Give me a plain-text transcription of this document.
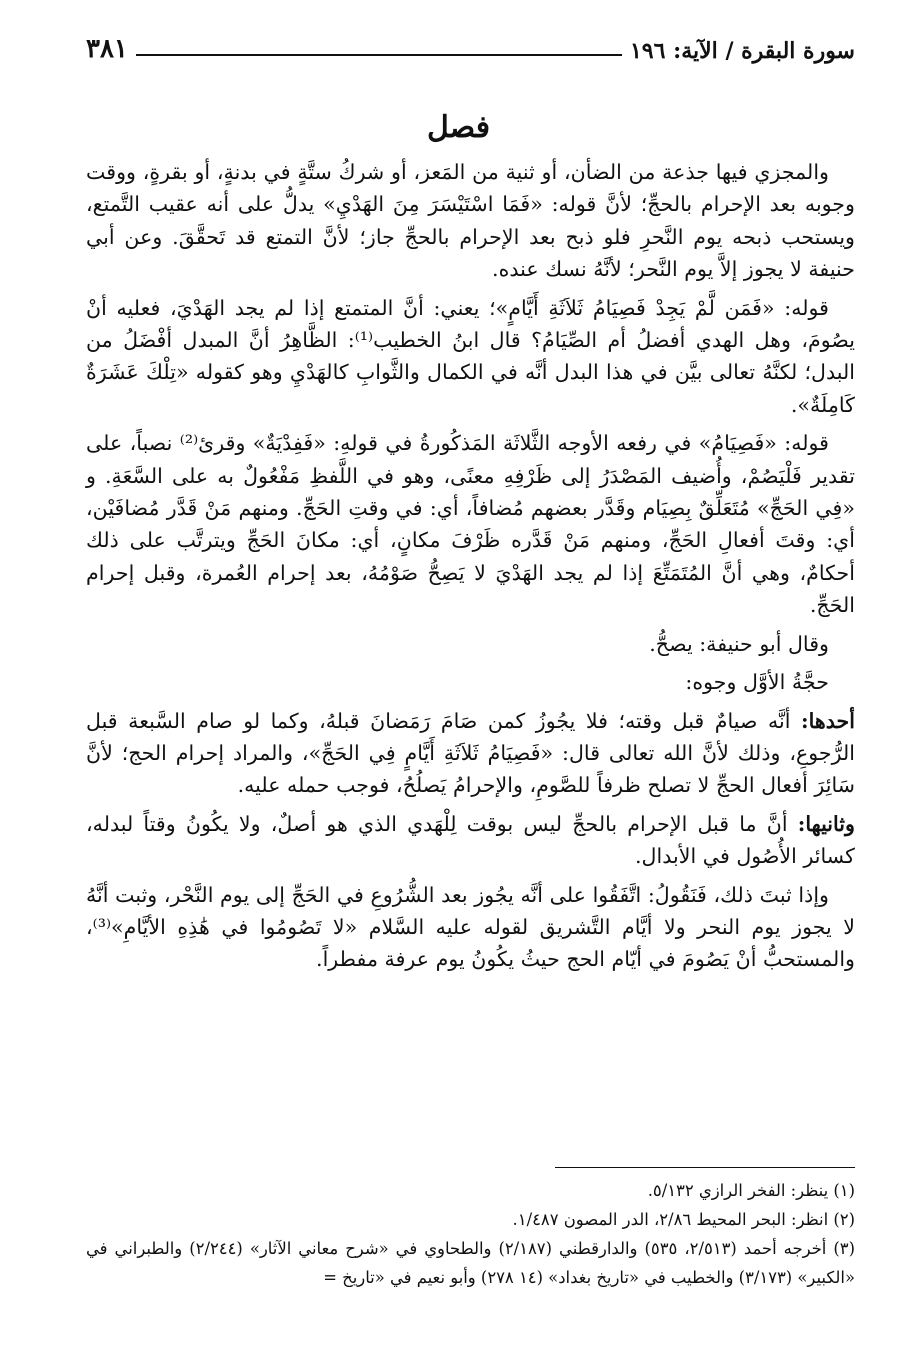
سورة البقرة / الآية: ١٩٦
٣٨١
فصل

والمجزي فيها جذعة من الضأن، أو ثنية من المَعز، أو شركُ ستَّةٍ في بدنةٍ، أو بقرةٍ، ووقت وجوبه بعد الإحرام بالحجِّ؛ لأنَّ قوله: «فَمَا اسْتَيْسَرَ مِنَ الهَدْيِ» يدلُّ على أنه عقيب التَّمتع، ويستحب ذبحه يوم النَّحرِ فلو ذبح بعد الإحرام بالحجِّ جاز؛ لأنَّ التمتع قد تَحقَّقَ. وعن أبي حنيفة لا يجوز إلاَّ يوم النَّحر؛ لأنَّهُ نسك عنده.

قوله: «فَمَن لَّمْ يَجِدْ فَصِيَامُ ثَلاَثَةِ أَيَّامٍ»؛ يعني: أنَّ المتمتع إذا لم يجد الهَدْيَ، فعليه أنْ يصُومَ، وهل الهدي أفضلُ أم الصِّيَامُ؟ قال ابنُ الخطيب⁽¹⁾: الظَّاهِرُ أنَّ المبدل أفْضَلُ من البدل؛ لكنَّهُ تعالى بيَّن في هذا البدل أنَّه في الكمال والثَّوابِ كالهَدْيِ وهو كقوله «تِلْكَ عَشَرَةٌ كَامِلَةٌ».

قوله: «فَصِيَامُ» في رفعه الأوجه الثَّلاثَة المَذكُورةُ في قولهِ: «فَفِدْيَةٌ» وقرئ⁽²⁾ نصباً، على تقدير فَلْيَصُمْ، وأُضيف المَصْدَرُ إلى ظَرْفِهِ معنًى، وهو في اللَّفظِ مَفْعُولٌ به على السَّعَةِ. و «فِي الحَجِّ» مُتَعَلِّقٌ بِصِيَام وقَدَّر بعضهم مُضافاً، أي: في وقتِ الحَجِّ. ومنهم مَنْ قَدَّر مُضافَيْن، أي: وقتَ أفعالِ الحَجِّ، ومنهم مَنْ قَدَّره ظَرْفَ مكانٍ، أي: مكانَ الحَجِّ ويترتَّب على ذلك أحكامٌ، وهي أنَّ المُتَمَتِّعَ إذا لم يجد الهَدْيَ لا يَصِحُّ صَوْمُهُ، بعد إحرام العُمرة، وقبل إحرام الحَجِّ.

وقال أبو حنيفة: يصحُّ.

حجَّةُ الأوَّل وجوه:

أحدها: أنَّه صيامٌ قبل وقته؛ فلا يجُوزُ كمن صَامَ رَمَضانَ قبلهُ، وكما لو صام السَّبعة قبل الرُّجوعِ، وذلك لأنَّ الله تعالى قال: «فَصِيَامُ ثَلاَثَةِ أَيَّامٍ فِي الحَجِّ»، والمراد إحرام الحج؛ لأنَّ سَائِرَ أفعال الحجِّ لا تصلح ظرفاً للصَّومِ، والإحرامُ يَصلُحُ، فوجب حمله عليه.

وثانيها: أنَّ ما قبل الإحرام بالحجِّ ليس بوقت لِلْهَدي الذي هو أصلٌ، ولا يكُونُ وقتاً لبدله، كسائر الأُصُول في الأبدال.

وإذا ثبتَ ذلك، فَنَقُولُ: اتَّفَقُوا على أنَّه يجُوز بعد الشُّرُوعِ في الحَجِّ إلى يوم النَّحْر، وثبت أنَّهُ لا يجوز يوم النحر ولا أيَّام التَّشريق لقوله عليه السَّلام «لا تَصُومُوا في هَٰذِهِ الأيَّامِ»⁽³⁾، والمستحبُّ أنْ يَصُومَ في أيّام الحج حيثُ يكُونُ يوم عرفة مفطراً.

(١) ينظر: الفخر الرازي ٥/١٣٢.

(٢) انظر: البحر المحيط ٢/٨٦، الدر المصون ١/٤٨٧.

(٣) أخرجه أحمد (٢/٥١٣، ٥٣٥) والدارقطني (٢/١٨٧) والطحاوي في «شرح معاني الآثار» (٢/٢٤٤) والطبراني في «الكبير» (٣/١٧٣) والخطيب في «تاريخ بغداد» (١٤ ٢٧٨) وأبو نعيم في «تاريخ =
